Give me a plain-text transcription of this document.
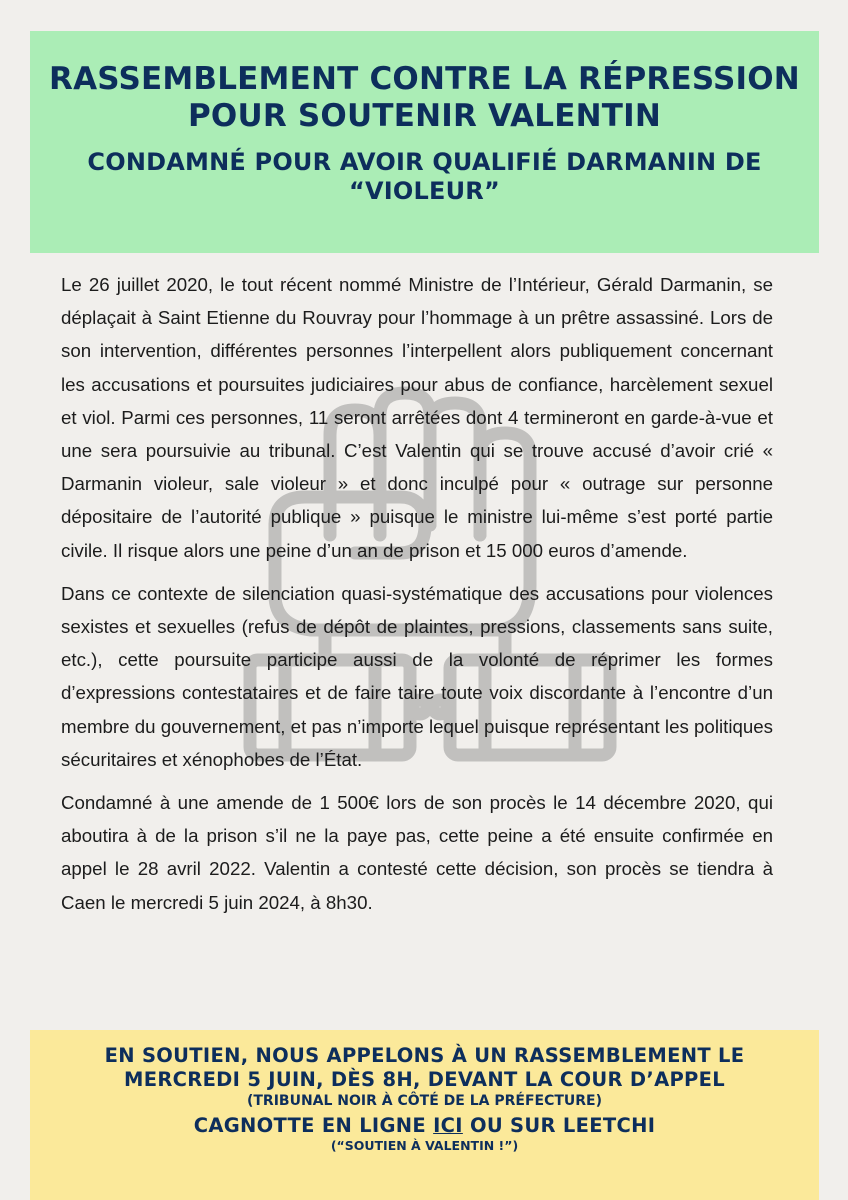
RASSEMBLEMENT CONTRE LA RÉPRESSION POUR SOUTENIR VALENTIN
CONDAMNÉ POUR AVOIR QUALIFIÉ DARMANIN DE “VIOLEUR”

Le 26 juillet 2020, le tout récent nommé Ministre de l’Intérieur, Gérald Darmanin, se déplaçait à Saint Etienne du Rouvray pour l’hommage à un prêtre assassiné. Lors de son intervention, différentes personnes l’interpellent alors publiquement concernant les accusations et poursuites judiciaires pour abus de confiance, harcèlement sexuel et viol. Parmi ces personnes, 11 seront arrêtées dont 4 termineront en garde-à-vue et une sera poursuivie au tribunal. C’est Valentin qui se trouve accusé d’avoir crié « Darmanin violeur, sale violeur » et donc inculpé pour « outrage sur personne dépositaire de l’autorité publique » puisque le ministre lui-même s’est porté partie civile. Il risque alors une peine d’un an de prison et 15 000 euros d’amende.

Dans ce contexte de silenciation quasi-systématique des accusations pour violences sexistes et sexuelles (refus de dépôt de plaintes, pressions, classements sans suite, etc.), cette poursuite participe aussi de la volonté de réprimer les formes d’expressions contestataires et de faire taire toute voix discordante à l’encontre d’un membre du gouvernement, et pas n’importe lequel puisque représentant les politiques sécuritaires et xénophobes de l’État.

Condamné à une amende de 1 500€ lors de son procès le 14 décembre 2020, qui aboutira à de la prison s’il ne la paye pas, cette peine a été ensuite confirmée en appel le 28 avril 2022. Valentin a contesté cette décision, son procès se tiendra à Caen le mercredi 5 juin 2024, à 8h30.

EN SOUTIEN, NOUS APPELONS À UN RASSEMBLEMENT LE

MERCREDI 5 JUIN, DÈS 8H, DEVANT LA COUR D’APPEL

(TRIBUNAL NOIR À CÔTÉ DE LA PRÉFECTURE)

CAGNOTTE EN LIGNE ICI OU SUR LEETCHI

(“SOUTIEN À VALENTIN !”)
